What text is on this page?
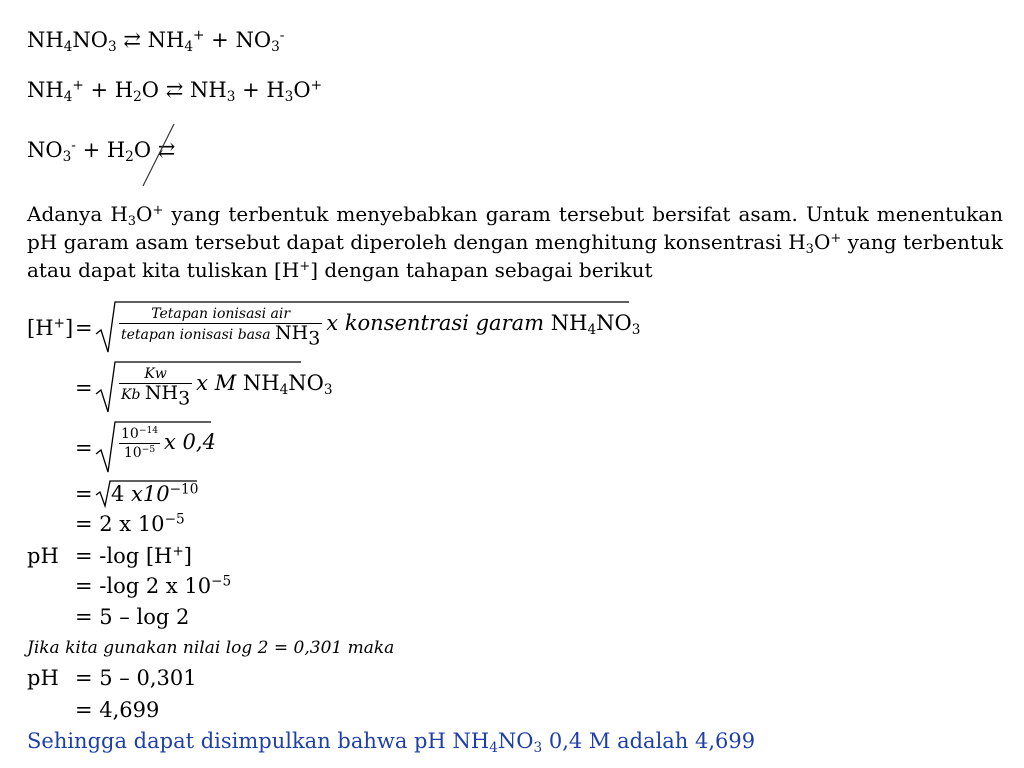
$NH_4NO_3$ ⇄ $NH_4^+ + NO_3^-$
$NH_4^+ + H_2O$ ⇄ $NH_3 + H_3O^+$
$NO_3^- + H_2O$ ⇄
Adanya $H_3O^+$ yang terbentuk menyebabkan garam tersebut bersifat asam. Untuk menentukan pH garam asam tersebut dapat diperoleh dengan menghitung konsentrasi $H_3O^+$ yang terbentuk atau dapat kita tuliskan [H+] dengan tahapan sebagai berikut
$[H^+] = \frac{\text{Tetapan ionisasi air}}{tetapan ionisasi basa NH_3}$ x konsentrasi garam $NH_4NO_3$
= $\frac{Kw}{Kb NH_3}$ x M $NH_4NO_3$
= $\frac{10^{-14}}{10^{-5}}$ x 0,4
= 4 $x10^{-10}$
= 2 x $10^{-5}$
pH = -log [H+]
= -log 2 x $10^{-5}$
= 5 – log 2
Jika kita gunakan nilai log 2 = 0,301 maka
pH = 5 – 0,301
= 4,699
Sehingga dapat disimpulkan bahwa pH $NH_4NO_3$ 0,4 M adalah 4,699
